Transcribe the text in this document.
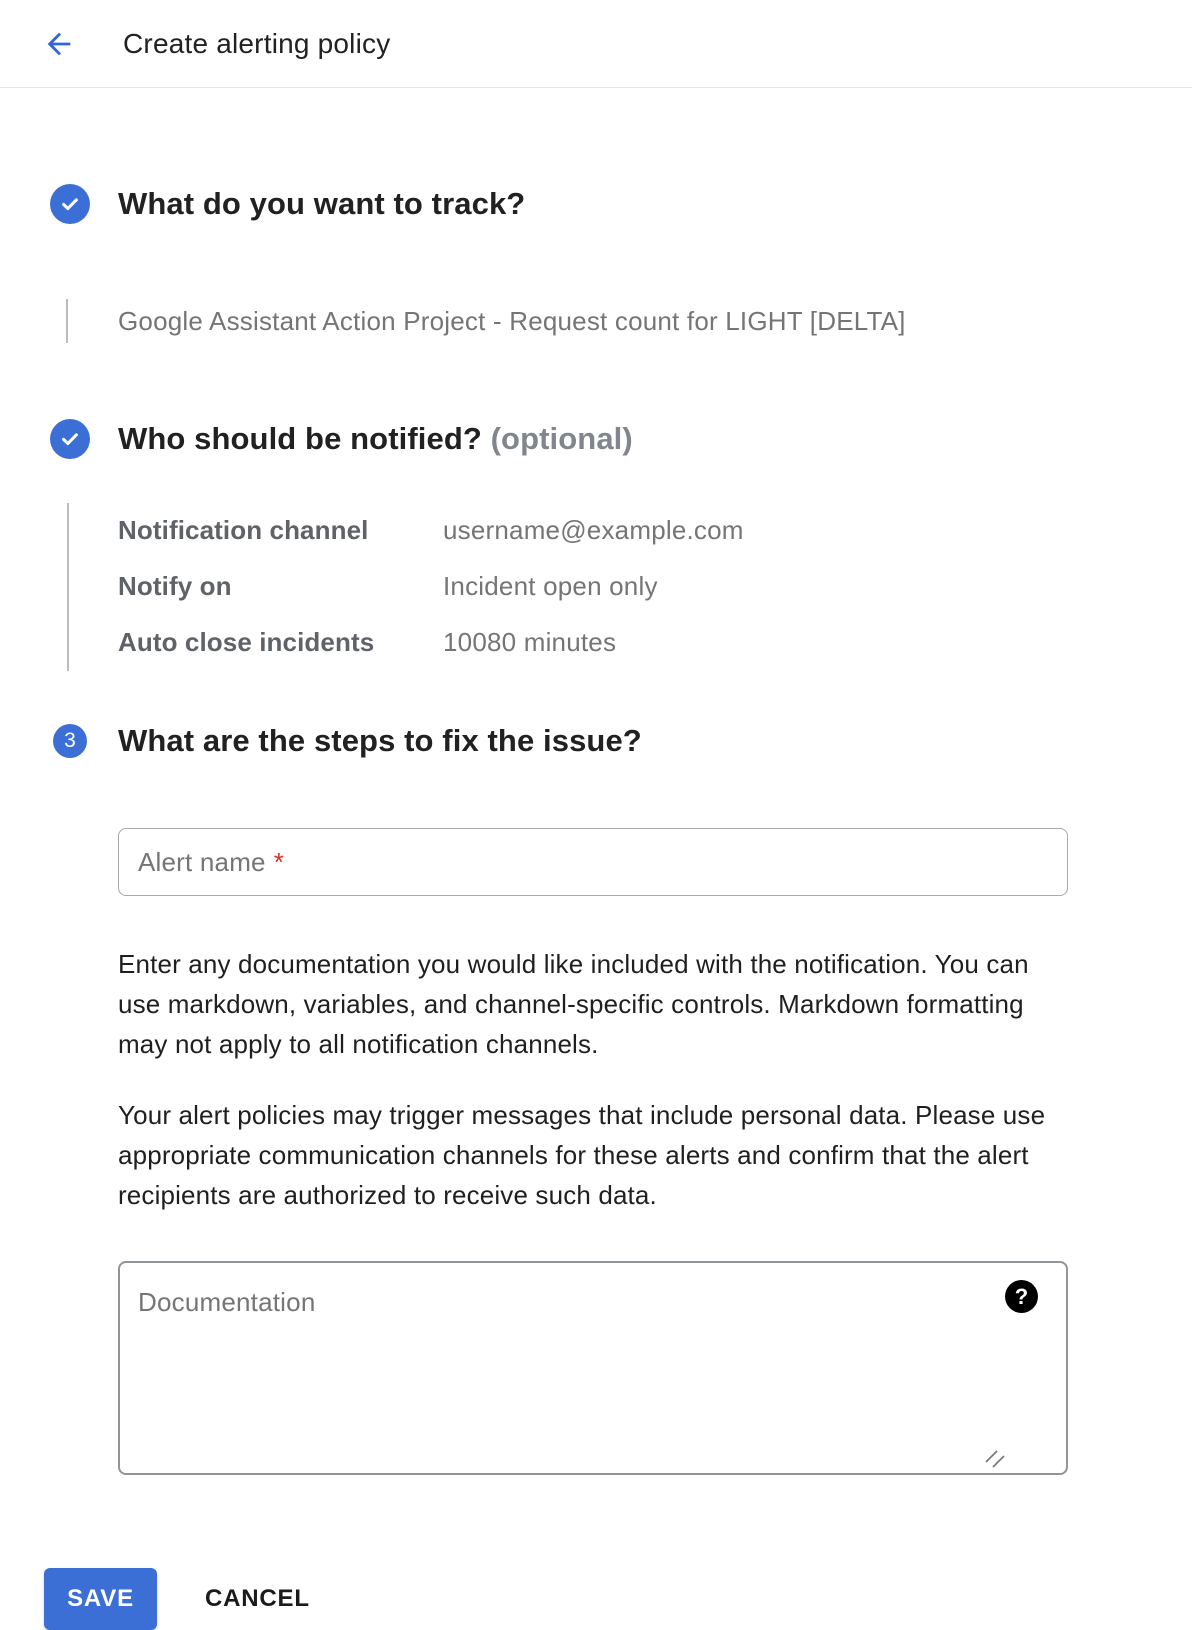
Create alerting policy
What do you want to track?
Google Assistant Action Project - Request count for LIGHT [DELTA]
Who should be notified? (optional)
Notification channel	username@example.com
Notify on	Incident open only
Auto close incidents	10080 minutes
3	What are the steps to fix the issue?
Alert name
Alert name *

Enter any documentation you would like included with the notification. You can use markdown, variables, and channel-specific controls. Markdown formatting may not apply to all notification channels.

Your alert policies may trigger messages that include personal data. Please use appropriate communication channels for these alerts and confirm that the alert recipients are authorized to receive such data.

Documentation
?
SAVE	CANCEL
